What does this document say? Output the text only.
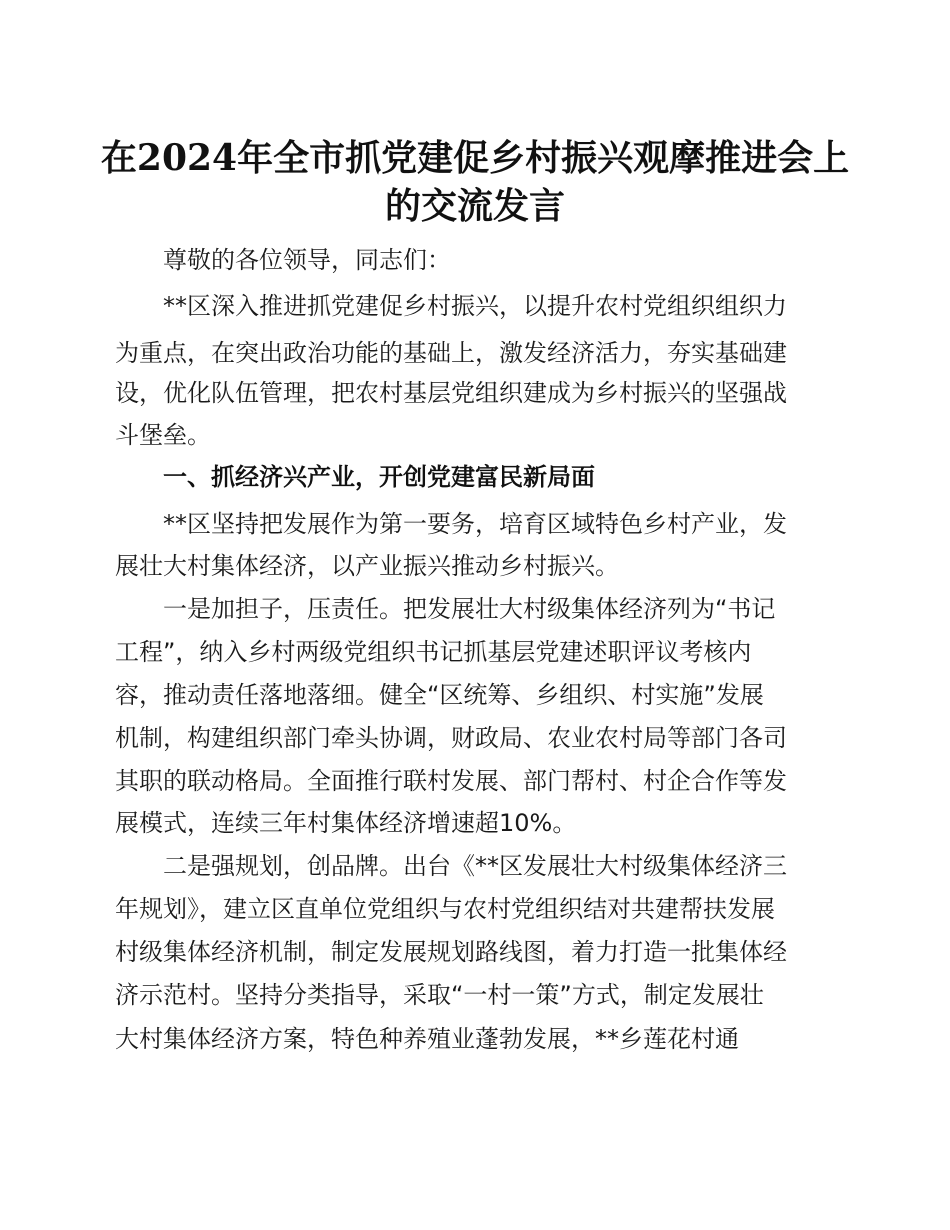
在2024年全市抓党建促乡村振兴观摩推进会上
的交流发言
尊敬的各位领导，同志们：
**区深入推进抓党建促乡村振兴，以提升农村党组织组织力
为重点，在突出政治功能的基础上，激发经济活力，夯实基础建
设，优化队伍管理，把农村基层党组织建成为乡村振兴的坚强战
斗堡垒。
一、抓经济兴产业，开创党建富民新局面
**区坚持把发展作为第一要务，培育区域特色乡村产业，发
展壮大村集体经济，以产业振兴推动乡村振兴。
一是加担子，压责任。把发展壮大村级集体经济列为“书记
工程”，纳入乡村两级党组织书记抓基层党建述职评议考核内
容，推动责任落地落细。健全“区统筹、乡组织、村实施”发展
机制，构建组织部门牵头协调，财政局、农业农村局等部门各司
其职的联动格局。全面推行联村发展、部门帮村、村企合作等发
展模式，连续三年村集体经济增速超10%。
二是强规划，创品牌。出台《**区发展壮大村级集体经济三
年规划》，建立区直单位党组织与农村党组织结对共建帮扶发展
村级集体经济机制，制定发展规划路线图，着力打造一批集体经
济示范村。坚持分类指导，采取“一村一策”方式，制定发展壮
大村集体经济方案，特色种养殖业蓬勃发展，**乡莲花村通
